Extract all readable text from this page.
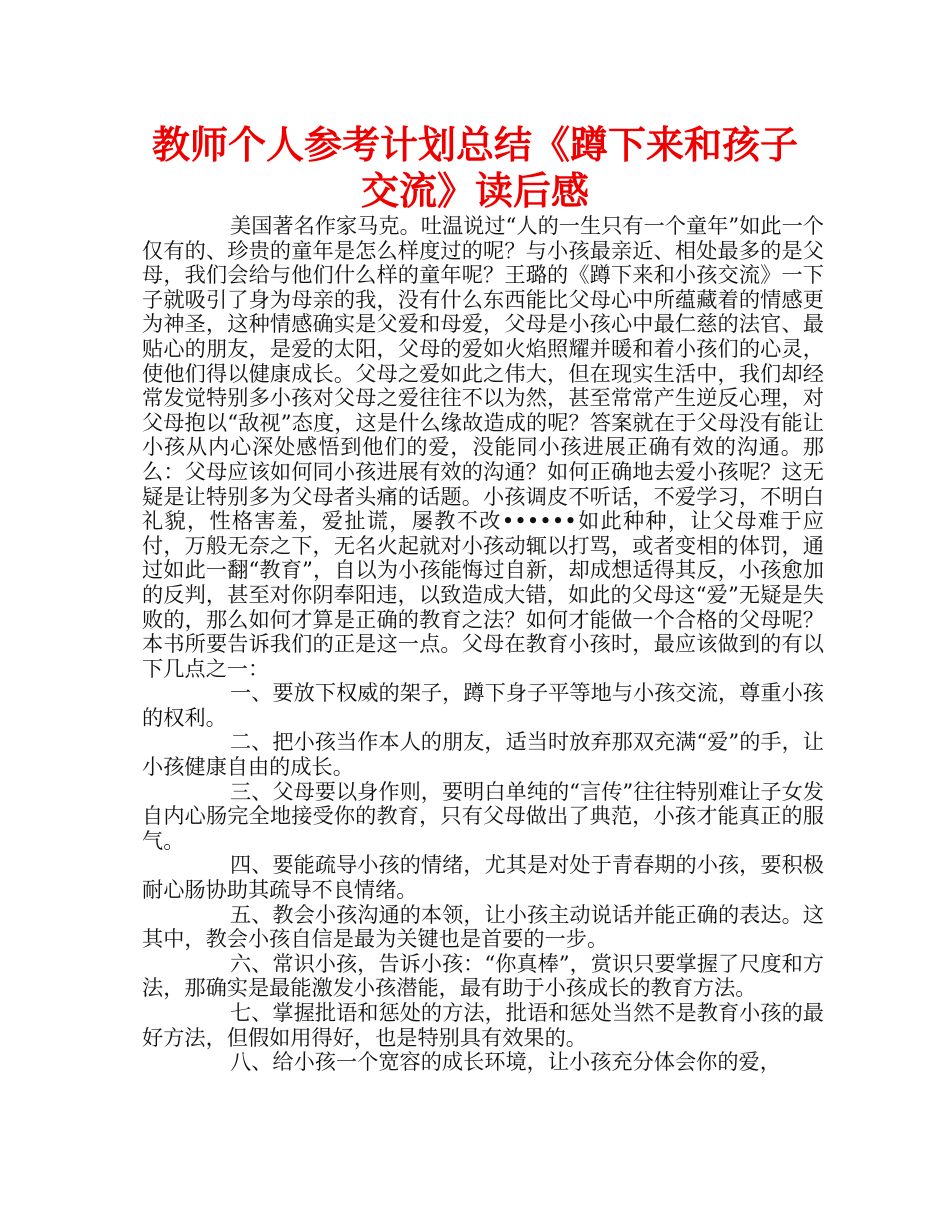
教师个人参考计划总结《蹲下来和孩子交流》读后感

美国著名作家马克。吐温说过“人的一生只有一个童年”如此一个仅有的、珍贵的童年是怎么样度过的呢？与小孩最亲近、相处最多的是父母，我们会给与他们什么样的童年呢？王璐的《蹲下来和小孩交流》一下子就吸引了身为母亲的我，没有什么东西能比父母心中所蕴藏着的情感更为神圣，这种情感确实是父爱和母爱，父母是小孩心中最仁慈的法官、最贴心的朋友，是爱的太阳，父母的爱如火焰照耀并暖和着小孩们的心灵，使他们得以健康成长。父母之爱如此之伟大，但在现实生活中，我们却经常发觉特别多小孩对父母之爱往往不以为然，甚至常常产生逆反心理，对父母抱以“敌视”态度，这是什么缘故造成的呢？答案就在于父母没有能让小孩从内心深处感悟到他们的爱，没能同小孩进展正确有效的沟通。那么：父母应该如何同小孩进展有效的沟通？如何正确地去爱小孩呢？这无疑是让特别多为父母者头痛的话题。小孩调皮不听话，不爱学习，不明白礼貌，性格害羞，爱扯谎，屡教不改••••••如此种种，让父母难于应付，万般无奈之下，无名火起就对小孩动辄以打骂，或者变相的体罚，通过如此一翻“教育”，自以为小孩能悔过自新，却成想适得其反，小孩愈加的反判，甚至对你阴奉阳违，以致造成大错，如此的父母这“爱”无疑是失败的，那么如何才算是正确的教育之法？如何才能做一个合格的父母呢？本书所要告诉我们的正是这一点。父母在教育小孩时，最应该做到的有以下几点之一：

一、要放下权威的架子，蹲下身子平等地与小孩交流，尊重小孩的权利。

二、把小孩当作本人的朋友，适当时放弃那双充满“爱”的手，让小孩健康自由的成长。

三、父母要以身作则，要明白单纯的“言传”往往特别难让子女发自内心肠完全地接受你的教育，只有父母做出了典范，小孩才能真正的服气。

四、要能疏导小孩的情绪，尤其是对处于青春期的小孩，要积极耐心肠协助其疏导不良情绪。

五、教会小孩沟通的本领，让小孩主动说话并能正确的表达。这其中，教会小孩自信是最为关键也是首要的一步。

六、常识小孩，告诉小孩：“你真棒”，赏识只要掌握了尺度和方法，那确实是最能激发小孩潜能，最有助于小孩成长的教育方法。

七、掌握批语和惩处的方法，批语和惩处当然不是教育小孩的最好方法，但假如用得好，也是特别具有效果的。

八、给小孩一个宽容的成长环境，让小孩充分体会你的爱，
